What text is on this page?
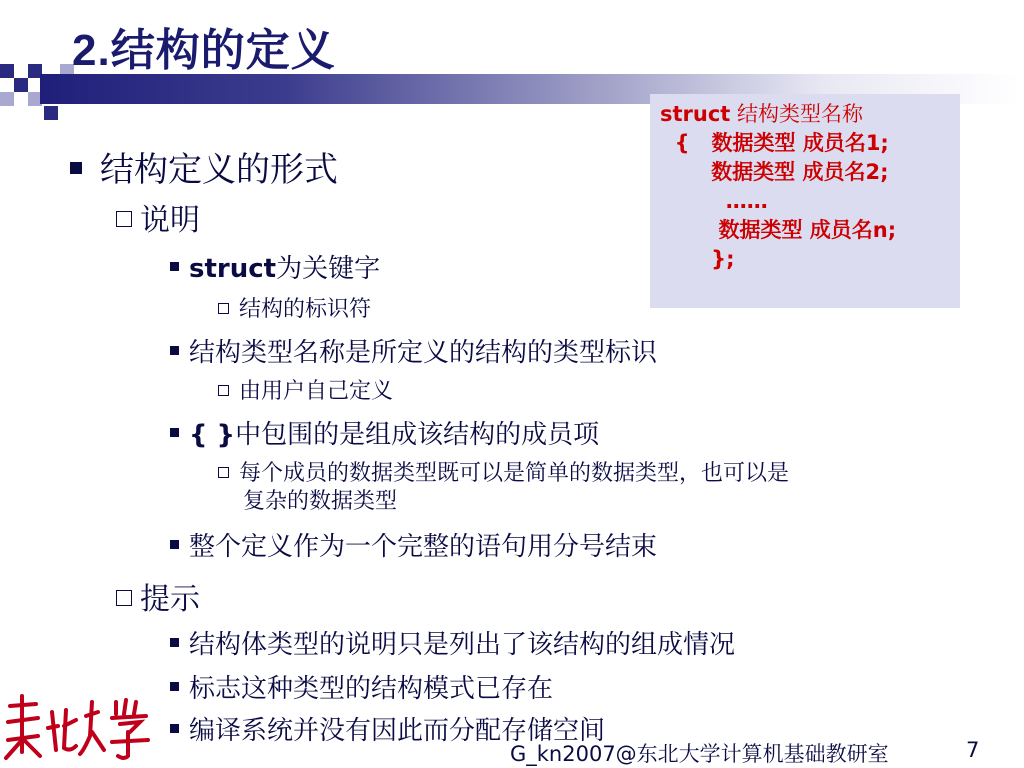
2.结构的定义
struct 结构类型名称
{   数据类型 成员名1;
数据类型 成员名2;
……
数据类型 成员名n;
};
结构定义的形式
说明
struct为关键字
结构的标识符
结构类型名称是所定义的结构的类型标识
由用户自己定义
{ }中包围的是组成该结构的成员项
每个成员的数据类型既可以是简单的数据类型，也可以是
复杂的数据类型
整个定义作为一个完整的语句用分号结束
提示
结构体类型的说明只是列出了该结构的组成情况
标志这种类型的结构模式已存在
编译系统并没有因此而分配存储空间
G_kn2007@东北大学计算机基础教研室	7
